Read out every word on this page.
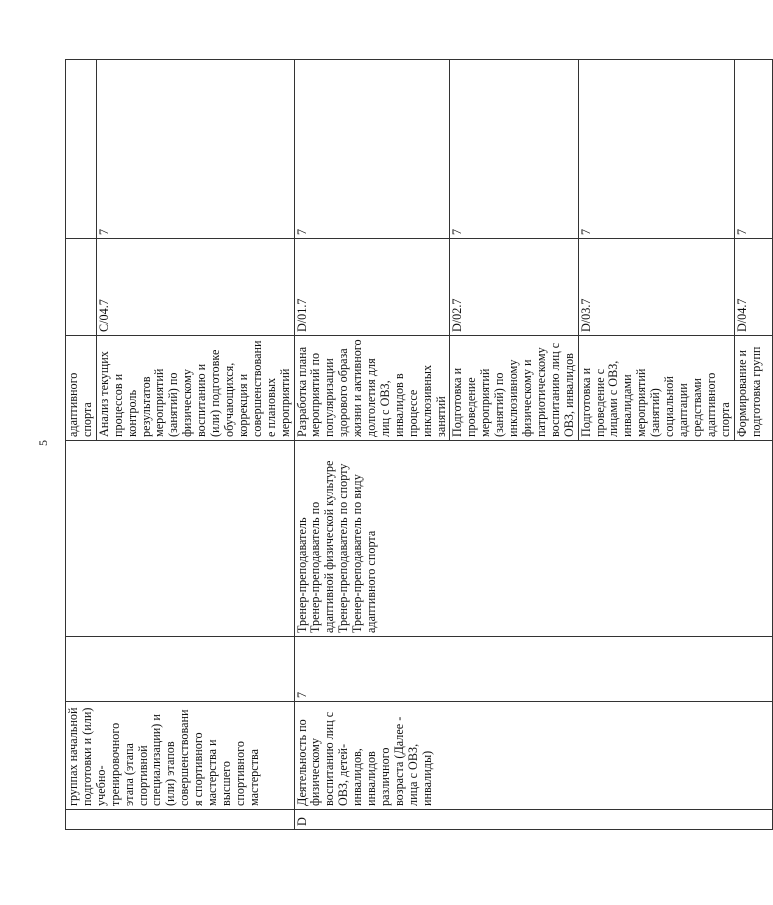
5
	группах начальной подготовки и (или) учебно-тренировочного этапа (этапа спортивной специализации) и (или) этапов совершенствования спортивного мастерства и высшего спортивного мастерства			адаптивного спорта		
				Анализ текущих процессов и контроль результатов мероприятий (занятий) по физическому воспитанию и (или) подготовке обучающихся, коррекция и совершенствование плановых мероприятий	C/04.7	7
D	Деятельность по физическому воспитанию лиц с ОВЗ, детей-инвалидов, инвалидов различного возраста (Далее - лица с ОВЗ, инвалиды)	7	Тренер-преподаватель Тренер-преподаватель по адаптивной физической культуре Тренер-преподаватель по спорту Тренер-преподаватель по виду адаптивного спорта	Разработка плана мероприятий по популяризации здорового образа жизни и активного долголетия для лиц с ОВЗ, инвалидов в процессе инклюзивных занятий	D/01.7	7
				Подготовка и проведение мероприятий (занятий) по инклюзивному физическому и патриотическому воспитанию лиц с ОВЗ, инвалидов	D/02.7	7
				Подготовка и проведение с лицами с ОВЗ, инвалидами мероприятий (занятий) социальной адаптации средствами адаптивного спорта	D/03.7	7
				Формирование и подготовка групп	D/04.7	7
